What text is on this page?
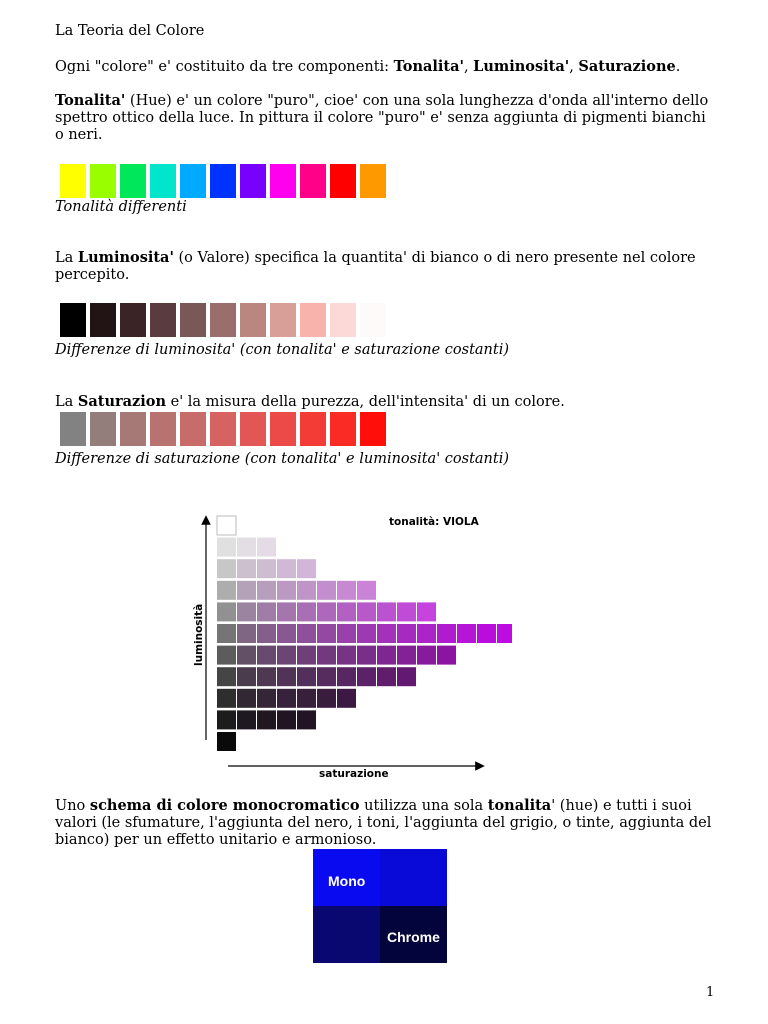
La Teoria del Colore
Ogni "colore" e' costituito da tre componenti: Tonalita', Luminosita', Saturazione.
Tonalita' (Hue) e' un colore "puro", cioe' con una sola lunghezza d'onda all'interno dello spettro ottico della luce. In pittura il colore "puro" e' senza aggiunta di pigmenti bianchi o neri.
Tonalità differenti
La Luminosita' (o Valore) specifica la quantita' di bianco o di nero presente nel colore percepito.
Differenze di luminosita' (con tonalita' e saturazione costanti)
La Saturazion e' la misura della purezza, dell'intensita' di un colore.
Differenze di saturazione (con tonalita' e luminosita' costanti)
tonalità: VIOLA
luminosità
saturazione
Uno schema di colore monocromatico utilizza una sola tonalita' (hue) e tutti i suoi valori (le sfumature, l'aggiunta del nero, i toni, l'aggiunta del grigio, o tinte, aggiunta del bianco) per un effetto unitario e armonioso.
Mono
Chrome
1
